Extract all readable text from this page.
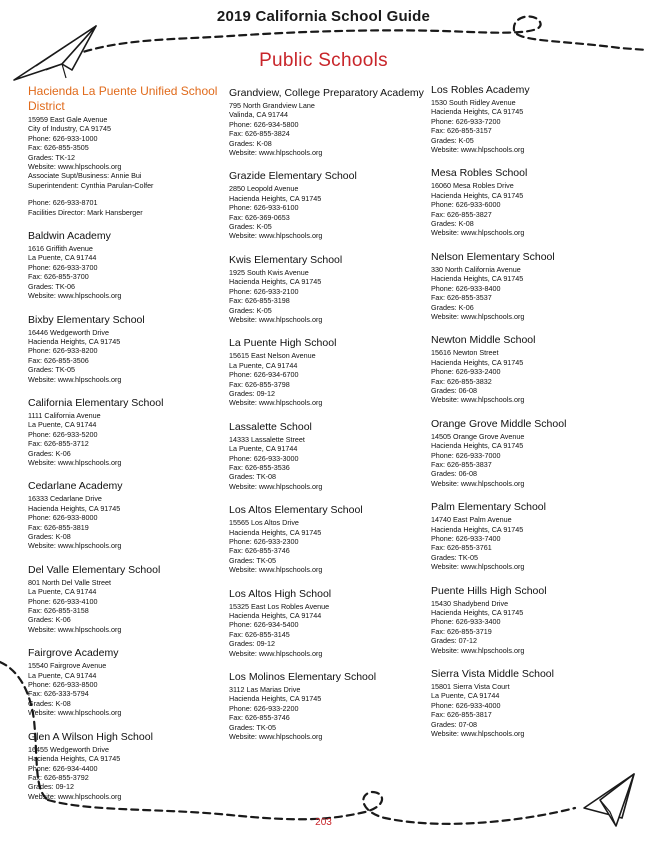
2019 California School Guide
Public Schools
Hacienda La Puente Unified School District
15959 East Gale Avenue
City of Industry, CA 91745
Phone: 626-933-1000
Fax: 626-855-3505
Grades: TK-12
Website: www.hlpschools.org
Associate Supt/Business: Annie Bui
Superintendent: Cynthia Parulan-Colfer
Phone: 626-933-8701
Facilities Director: Mark Hansberger
Baldwin Academy
1616 Griffith Avenue
La Puente, CA 91744
Phone: 626-933-3700
Fax: 626-855-3700
Grades: TK-06
Website: www.hlpschools.org
Bixby Elementary School
16446 Wedgeworth Drive
Hacienda Heights, CA 91745
Phone: 626-933-8200
Fax: 626-855-3506
Grades: TK-05
Website: www.hlpschools.org
California Elementary School
1111 California Avenue
La Puente, CA 91744
Phone: 626-933-5200
Fax: 626-855-3712
Grades: K-06
Website: www.hlpschools.org
Cedarlane Academy
16333 Cedarlane Drive
Hacienda Heights, CA 91745
Phone: 626-933-8000
Fax: 626-855-3819
Grades: K-08
Website: www.hlpschools.org
Del Valle Elementary School
801 North Del Valle Street
La Puente, CA 91744
Phone: 626-933-4100
Fax: 626-855-3158
Grades: K-06
Website: www.hlpschools.org
Fairgrove Academy
15540 Fairgrove Avenue
La Puente, CA 91744
Phone: 626-933-8500
Fax: 626-333-5794
Grades: K-08
Website: www.hlpschools.org
Glen A Wilson High School
16455 Wedgeworth Drive
Hacienda Heights, CA 91745
Phone: 626-934-4400
Fax: 626-855-3792
Grades: 09-12
Website: www.hlpschools.org
Grandview, College Preparatory Academy
795 North Grandview Lane
Valinda, CA 91744
Phone: 626-934-5800
Fax: 626-855-3824
Grades: K-08
Website: www.hlpschools.org
Grazide Elementary School
2850 Leopold Avenue
Hacienda Heights, CA 91745
Phone: 626-933-6100
Fax: 626-369-0653
Grades: K-05
Website: www.hlpschools.org
Kwis Elementary School
1925 South Kwis Avenue
Hacienda Heights, CA 91745
Phone: 626-933-2100
Fax: 626-855-3198
Grades: K-05
Website: www.hlpschools.org
La Puente High School
15615 East Nelson Avenue
La Puente, CA 91744
Phone: 626-934-6700
Fax: 626-855-3798
Grades: 09-12
Website: www.hlpschools.org
Lassalette School
14333 Lassalette Street
La Puente, CA 91744
Phone: 626-933-3000
Fax: 626-855-3536
Grades: TK-08
Website: www.hlpschools.org
Los Altos Elementary School
15565 Los Altos Drive
Hacienda Heights, CA 91745
Phone: 626-933-2300
Fax: 626-855-3746
Grades: TK-05
Website: www.hlpschools.org
Los Altos High School
15325 East Los Robles Avenue
Hacienda Heights, CA 91744
Phone: 626-934-5400
Fax: 626-855-3145
Grades: 09-12
Website: www.hlpschools.org
Los Molinos Elementary School
3112 Las Marias Drive
Hacienda Heights, CA 91745
Phone: 626-933-2200
Fax: 626-855-3746
Grades: TK-05
Website: www.hlpschools.org
Los Robles Academy
1530 South Ridley Avenue
Hacienda Heights, CA 91745
Phone: 626-933-7200
Fax: 626-855-3157
Grades: K-05
Website: www.hlpschools.org
Mesa Robles School
16060 Mesa Robles Drive
Hacienda Heights, CA 91745
Phone: 626-933-6000
Fax: 626-855-3827
Grades: K-08
Website: www.hlpschools.org
Nelson Elementary School
330 North California Avenue
Hacienda Heights, CA 91745
Phone: 626-933-8400
Fax: 626-855-3537
Grades: K-06
Website: www.hlpschools.org
Newton Middle School
15616 Newton Street
Hacienda Heights, CA 91745
Phone: 626-933-2400
Fax: 626-855-3832
Grades: 06-08
Website: www.hlpschools.org
Orange Grove Middle School
14505 Orange Grove Avenue
Hacienda Heights, CA 91745
Phone: 626-933-7000
Fax: 626-855-3837
Grades: 06-08
Website: www.hlpschools.org
Palm Elementary School
14740 East Palm Avenue
Hacienda Heights, CA 91745
Phone: 626-933-7400
Fax: 626-855-3761
Grades: TK-05
Website: www.hlpschools.org
Puente Hills High School
15430 Shadybend Drive
Hacienda Heights, CA 91745
Phone: 626-933-3400
Fax: 626-855-3719
Grades: 07-12
Website: www.hlpschools.org
Sierra Vista Middle School
15801 Sierra Vista Court
La Puente, CA 91744
Phone: 626-933-4000
Fax: 626-855-3817
Grades: 07-08
Website: www.hlpschools.org
203
